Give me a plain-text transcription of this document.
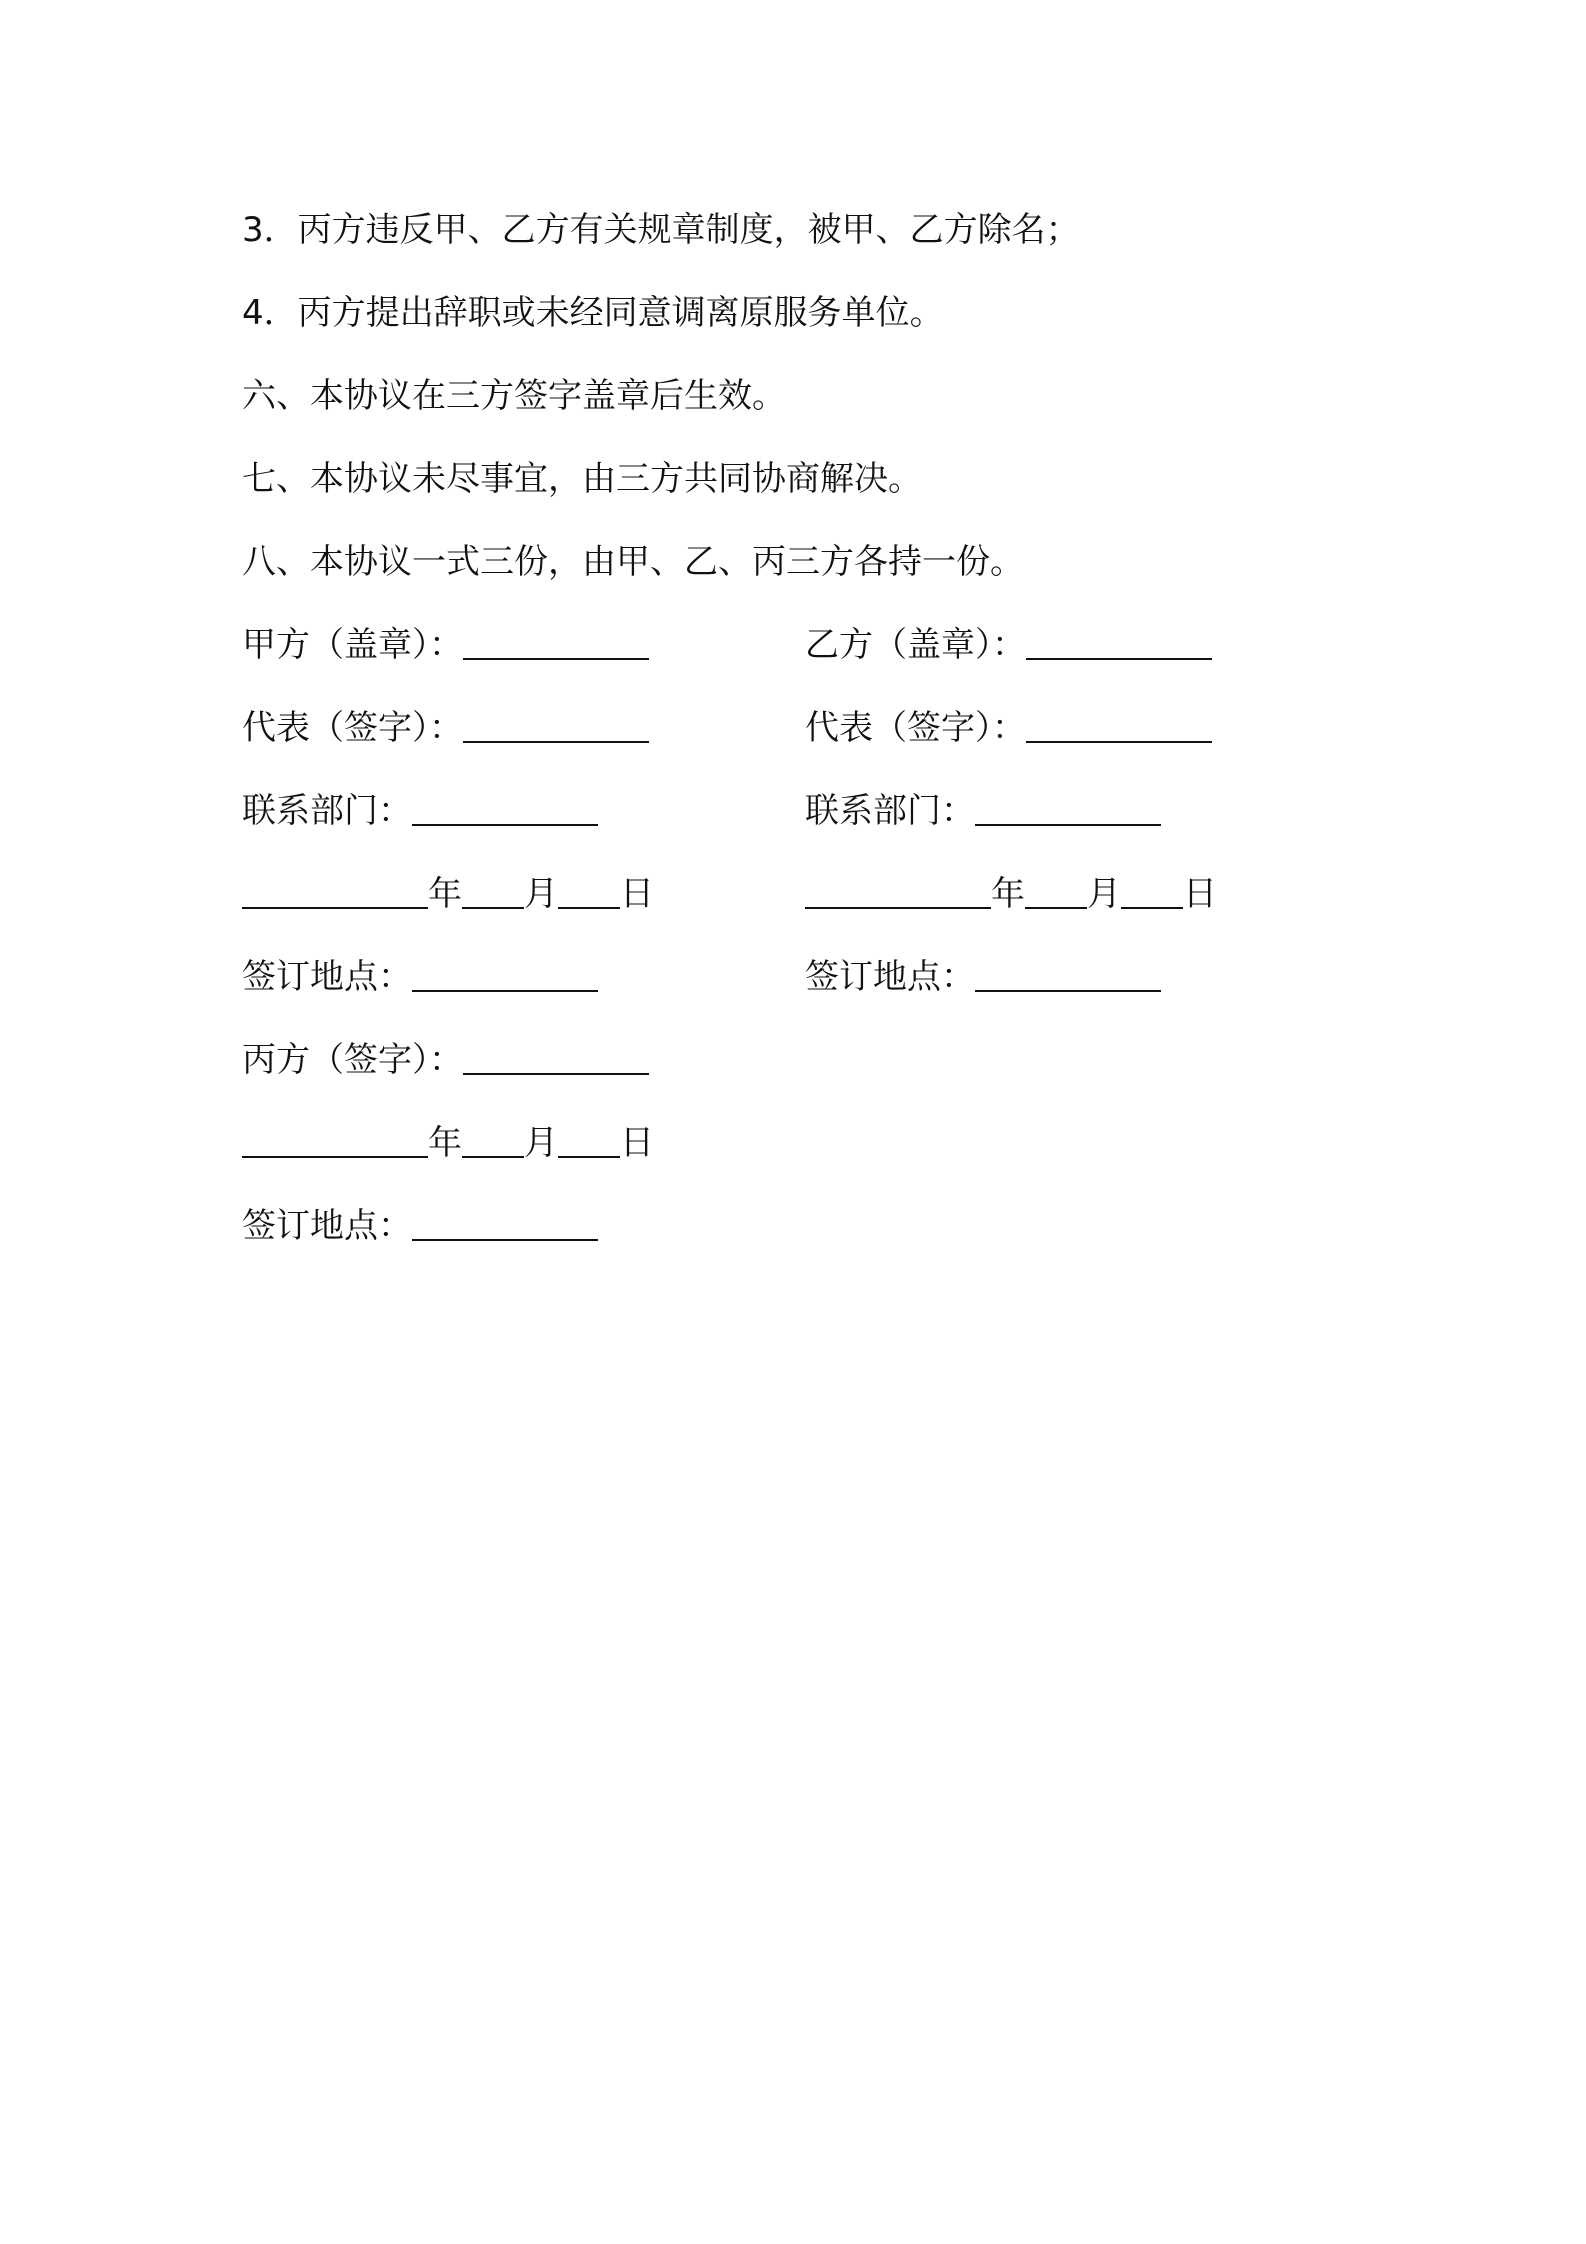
3．丙方违反甲、乙方有关规章制度，被甲、乙方除名；
4．丙方提出辞职或未经同意调离原服务单位。
六、本协议在三方签字盖章后生效。
七、本协议未尽事宜，由三方共同协商解决。
八、本协议一式三份，由甲、乙、丙三方各持一份。
甲方（盖章）：
代表（签字）：
联系部门：
年 月 日
签订地点：
乙方（盖章）：
代表（签字）：
联系部门：
年 月 日
签订地点：
丙方（签字）：
年 月 日
签订地点：
